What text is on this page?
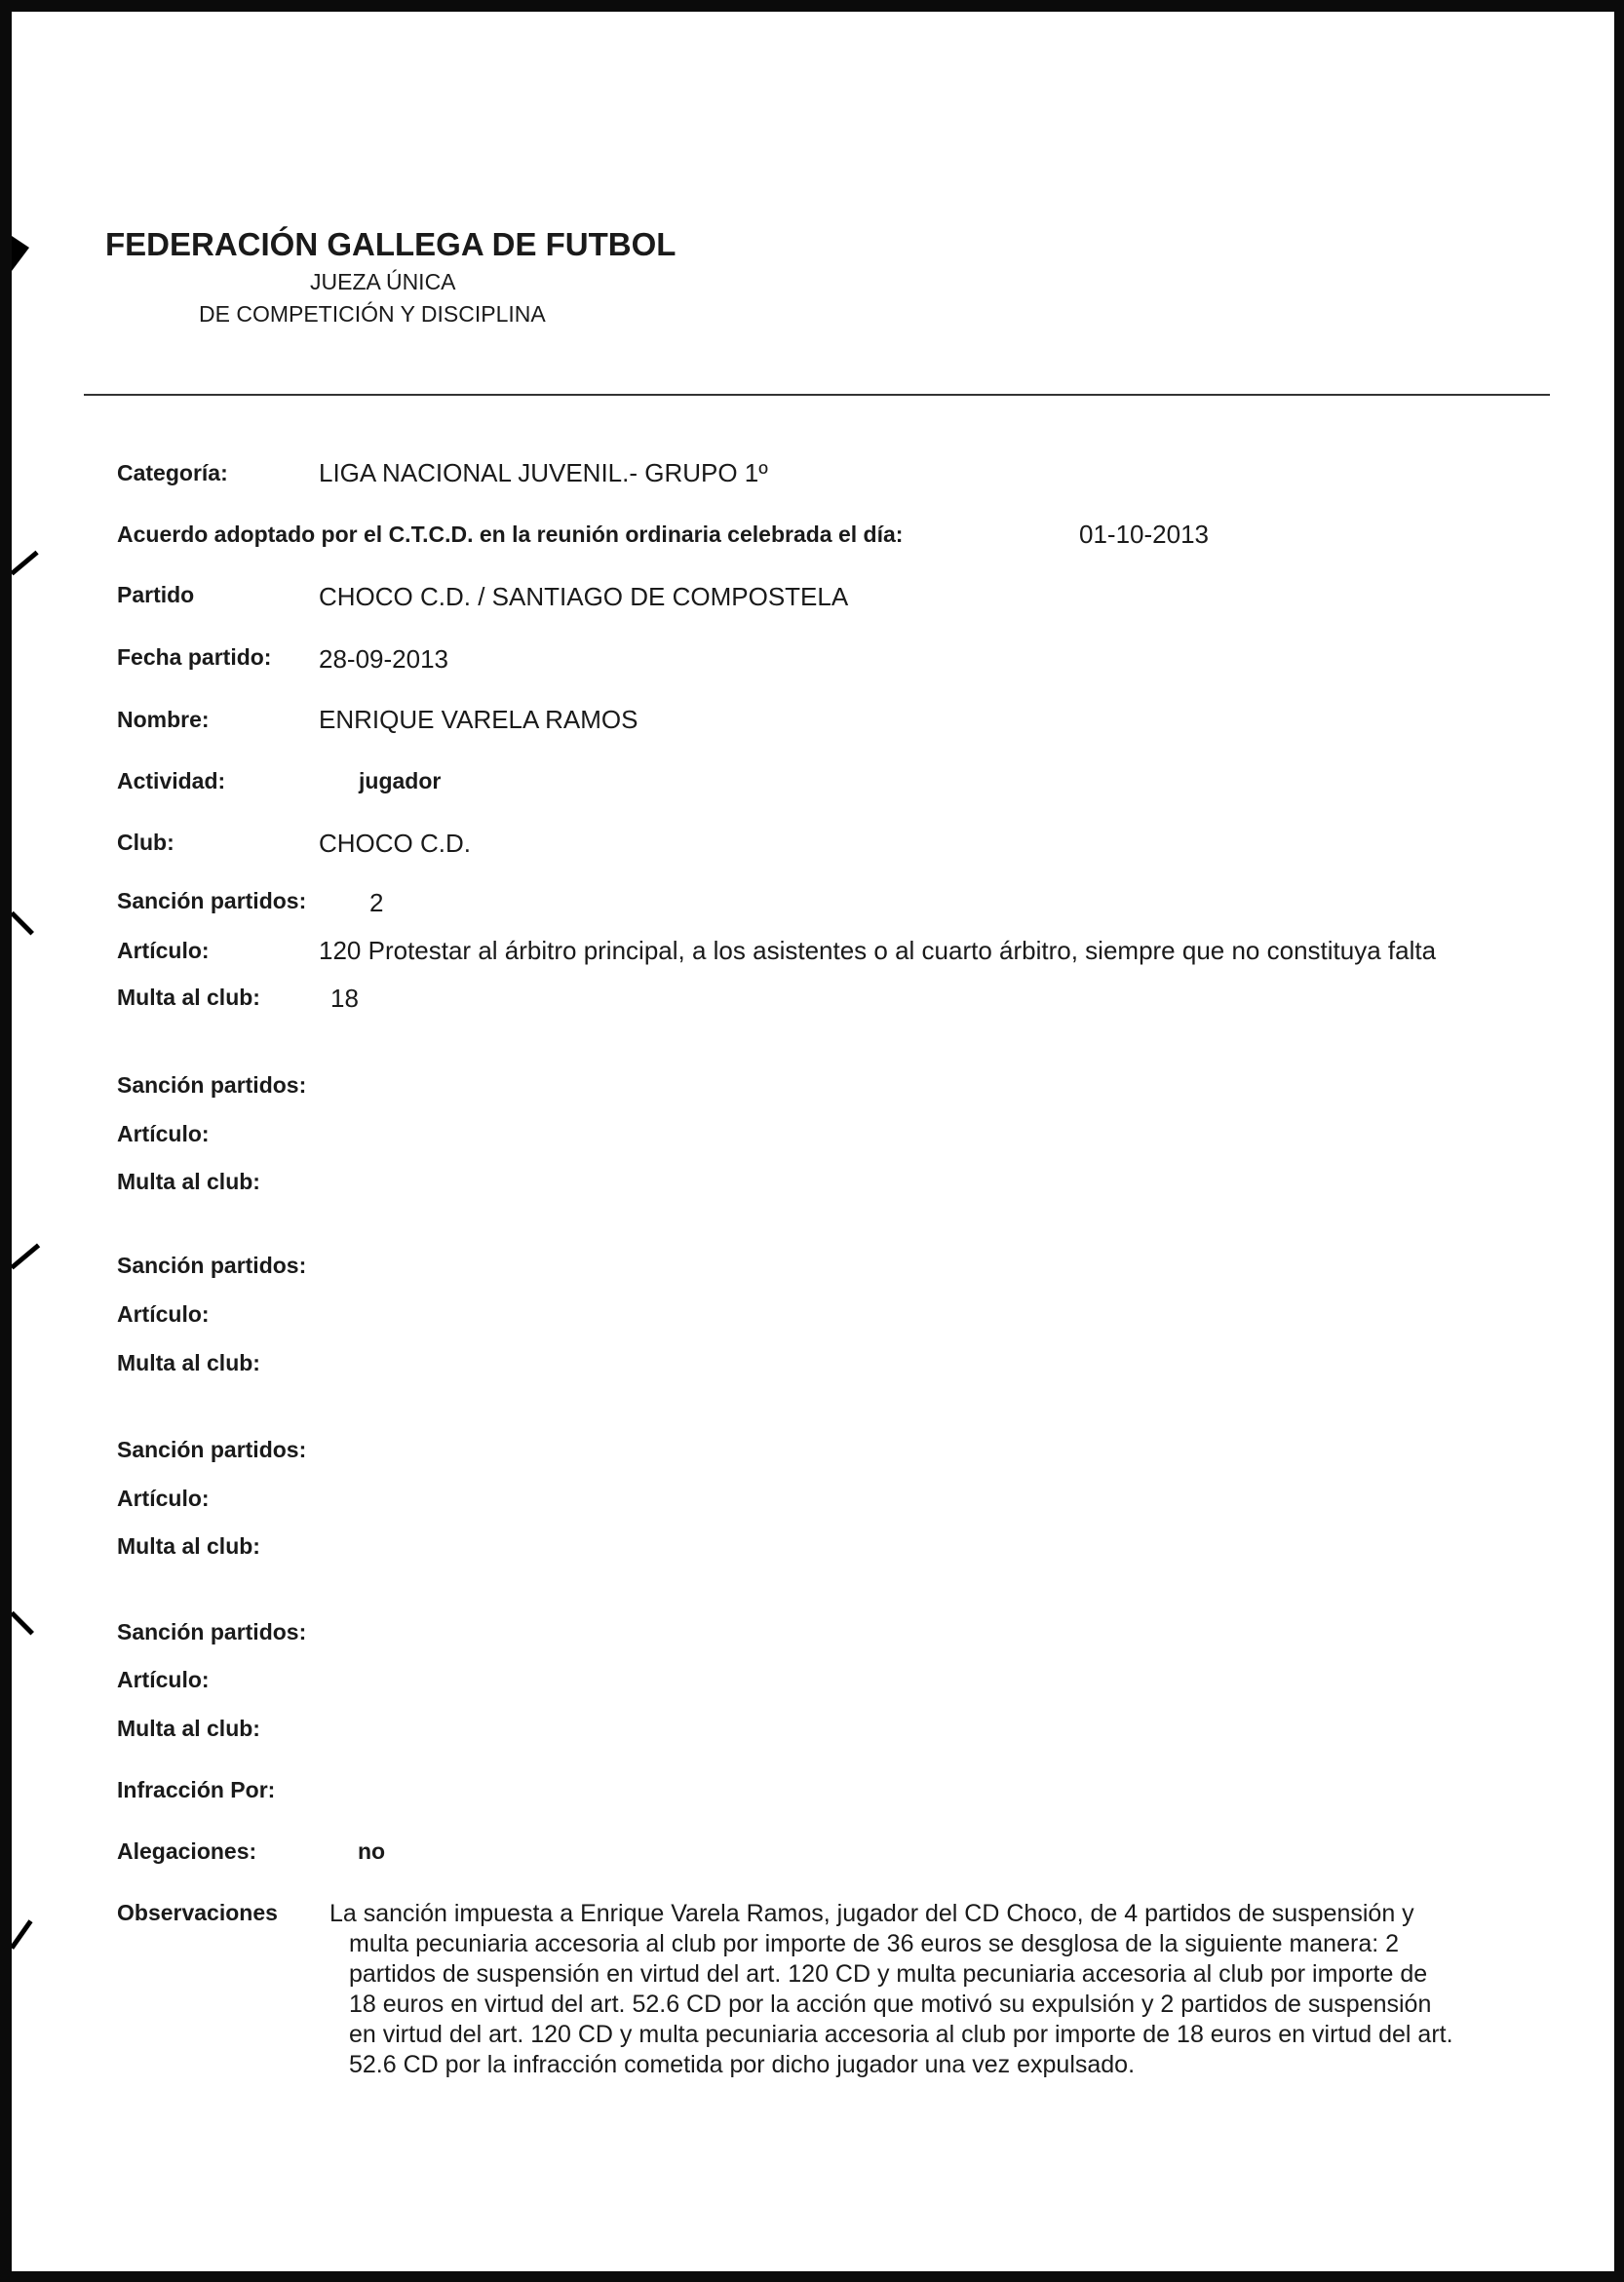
FEDERACIÓN GALLEGA DE FUTBOL
JUEZA ÚNICA
DE COMPETICIÓN Y DISCIPLINA
Categoría:	LIGA NACIONAL JUVENIL.- GRUPO 1º
Acuerdo adoptado por el C.T.C.D. en la reunión ordinaria celebrada el día:	01-10-2013
Partido	CHOCO C.D. / SANTIAGO DE COMPOSTELA
Fecha partido: 28-09-2013
Nombre:	ENRIQUE VARELA RAMOS
Actividad:	jugador
Club:	CHOCO C.D.
Sanción partidos: 2
Artículo:	120 Protestar al árbitro principal, a los asistentes o al cuarto árbitro, siempre que no constituya falta
Multa al club:	18
Sanción partidos:
Artículo:
Multa al club:
Sanción partidos:
Artículo:
Multa al club:
Sanción partidos:
Artículo:
Multa al club:
Sanción partidos:
Artículo:
Multa al club:
Infracción Por:
Alegaciones:	no
Observaciones La sanción impuesta a Enrique Varela Ramos, jugador del CD Choco, de 4 partidos de suspensión y
multa pecuniaria accesoria al club por importe de 36 euros se desglosa de la siguiente manera: 2
partidos de suspensión en virtud del art. 120 CD y multa pecuniaria accesoria al club por importe de
18 euros en virtud del art. 52.6 CD por la acción que motivó su expulsión y 2 partidos de suspensión
en virtud del art. 120 CD y multa pecuniaria accesoria al club por importe de 18 euros en virtud del art.
52.6 CD por la infracción cometida por dicho jugador una vez expulsado.
